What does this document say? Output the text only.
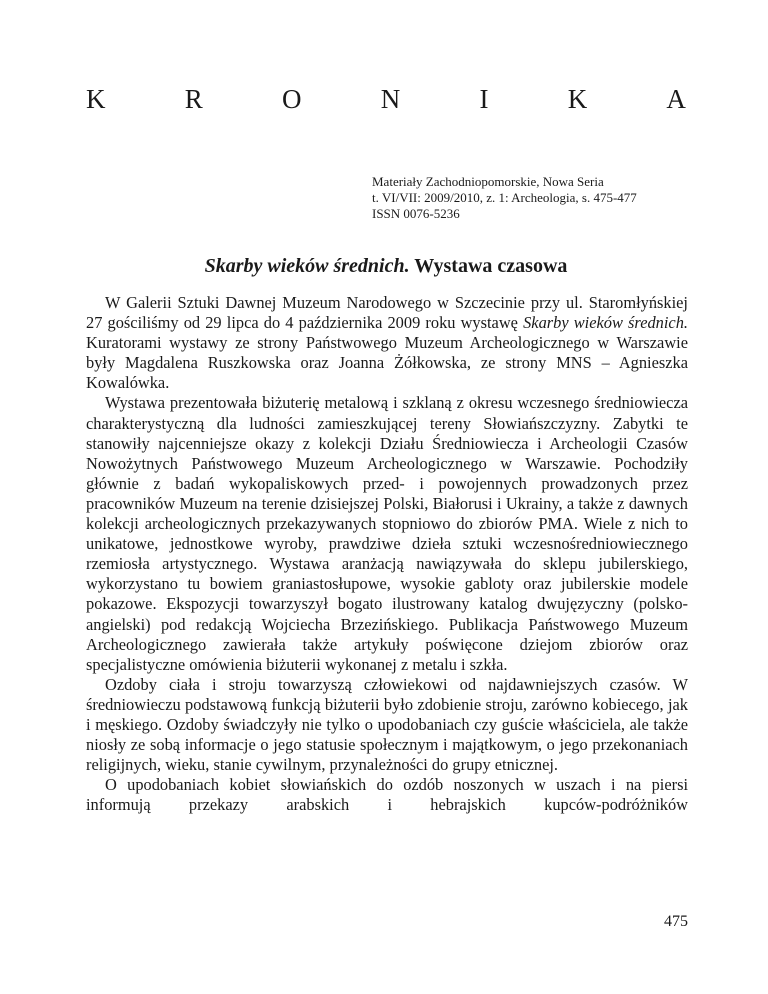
K	R	O	N	I	K	A
Materiały Zachodniopomorskie, Nowa Seria
t. VI/VII: 2009/2010, z. 1: Archeologia, s. 475-477
ISSN 0076-5236
Skarby wieków średnich. Wystawa czasowa

W Galerii Sztuki Dawnej Muzeum Narodowego w Szczecinie przy ul. Staromłyńskiej 27 gościliśmy od 29 lipca do 4 października 2009 roku wystawę Skarby wieków średnich. Kuratorami wystawy ze strony Państwowego Muzeum Archeologicznego w Warszawie były Magdalena Ruszkowska oraz Joanna Żółkowska, ze strony MNS – Agnieszka Kowalówka.

Wystawa prezentowała biżuterię metalową i szklaną z okresu wczesnego średniowiecza charakterystyczną dla ludności zamieszkującej tereny Słowiańszczyzny. Zabytki te stanowiły najcenniejsze okazy z kolekcji Działu Średniowiecza i Archeologii Czasów Nowożytnych Państwowego Muzeum Archeologicznego w Warszawie. Pochodziły głównie z badań wykopaliskowych przed- i powojennych prowadzonych przez pracowników Muzeum na terenie dzisiejszej Polski, Białorusi i Ukrainy, a także z dawnych kolekcji archeologicznych przekazywanych stopniowo do zbiorów PMA. Wiele z nich to unikatowe, jednostkowe wyroby, prawdziwe dzieła sztuki wczesnośredniowiecznego rzemiosła artystycznego. Wystawa aranżacją nawiązywała do sklepu jubilerskiego, wykorzystano tu bowiem graniastosłupowe, wysokie gabloty oraz jubilerskie modele pokazowe. Ekspozycji towarzyszył bogato ilustrowany katalog dwujęzyczny (polsko-angielski) pod redakcją Wojciecha Brzezińskiego. Publikacja Państwowego Muzeum Archeologicznego zawierała także artykuły poświęcone dziejom zbiorów oraz specjalistyczne omówienia biżuterii wykonanej z metalu i szkła.

Ozdoby ciała i stroju towarzyszą człowiekowi od najdawniejszych czasów. W średniowieczu podstawową funkcją biżuterii było zdobienie stroju, zarówno kobiecego, jak i męskiego. Ozdoby świadczyły nie tylko o upodobaniach czy guście właściciela, ale także niosły ze sobą informacje o jego statusie społecznym i majątkowym, o jego przekonaniach religijnych, wieku, stanie cywilnym, przynależności do grupy etnicznej.

O upodobaniach kobiet słowiańskich do ozdób noszonych w uszach i na piersi informują przekazy arabskich i hebrajskich kupców-podróżników

475
